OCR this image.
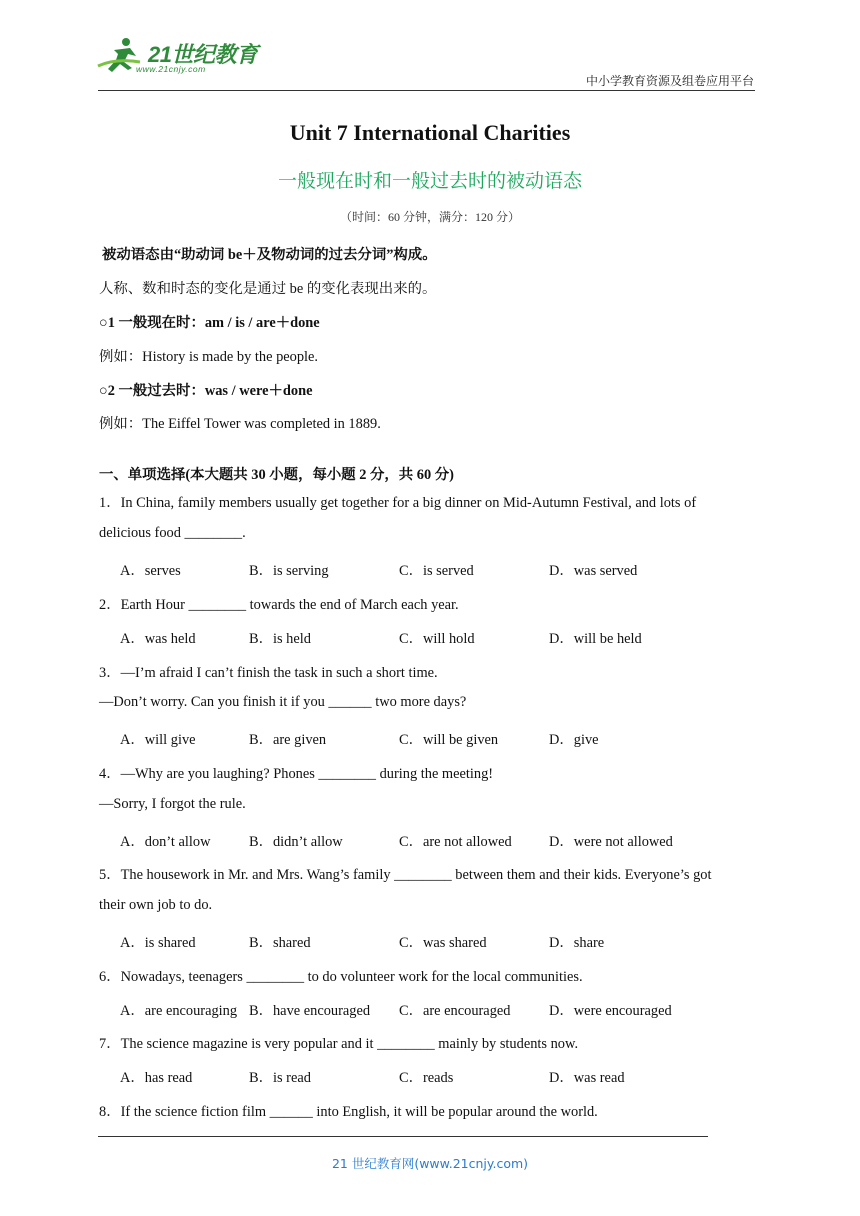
21世纪教育
www.21cnjy.com
中小学教育资源及组卷应用平台
Unit 7 International Charities
一般现在时和一般过去时的被动语态
（时间：60 分钟，满分：120 分）
被动语态由“助动词 be＋及物动词的过去分词”构成。
人称、数和时态的变化是通过 be 的变化表现出来的。
○1 一般现在时：am / is / are＋done
例如：History is made by the people.
○2 一般过去时：was / were＋done
例如：The Eiffel Tower was completed in 1889.
一、单项选择(本大题共 30 小题，每小题 2 分，共 60 分)
1．In China, family members usually get together for a big dinner on Mid-Autumn Festival, and lots of
delicious food ________.
A．serves	B．is serving	C．is served	D．was served
2．Earth Hour ________ towards the end of March each year.
A．was held	B．is held	C．will hold	D．will be held
3．—I’m afraid I can’t finish the task in such a short time.
—Don’t worry. Can you finish it if you ______ two more days?
A．will give	B．are given	C．will be given	D．give
4．—Why are you laughing? Phones ________ during the meeting!
—Sorry, I forgot the rule.
A．don’t allow	B．didn’t allow	C．are not allowed	D．were not allowed
5．The housework in Mr. and Mrs. Wang’s family ________ between them and their kids. Everyone’s got
their own job to do.
A．is shared	B．shared	C．was shared	D．share
6．Nowadays, teenagers ________ to do volunteer work for the local communities.
A．are encouraging B．have encouraged C．are encouraged	D．were encouraged
7．The science magazine is very popular and it ________ mainly by students now.
A．has read	B．is read	C．reads	D．was read
8．If the science fiction film ______ into English, it will be popular around the world.
21 世纪教育网(www.21cnjy.com)
